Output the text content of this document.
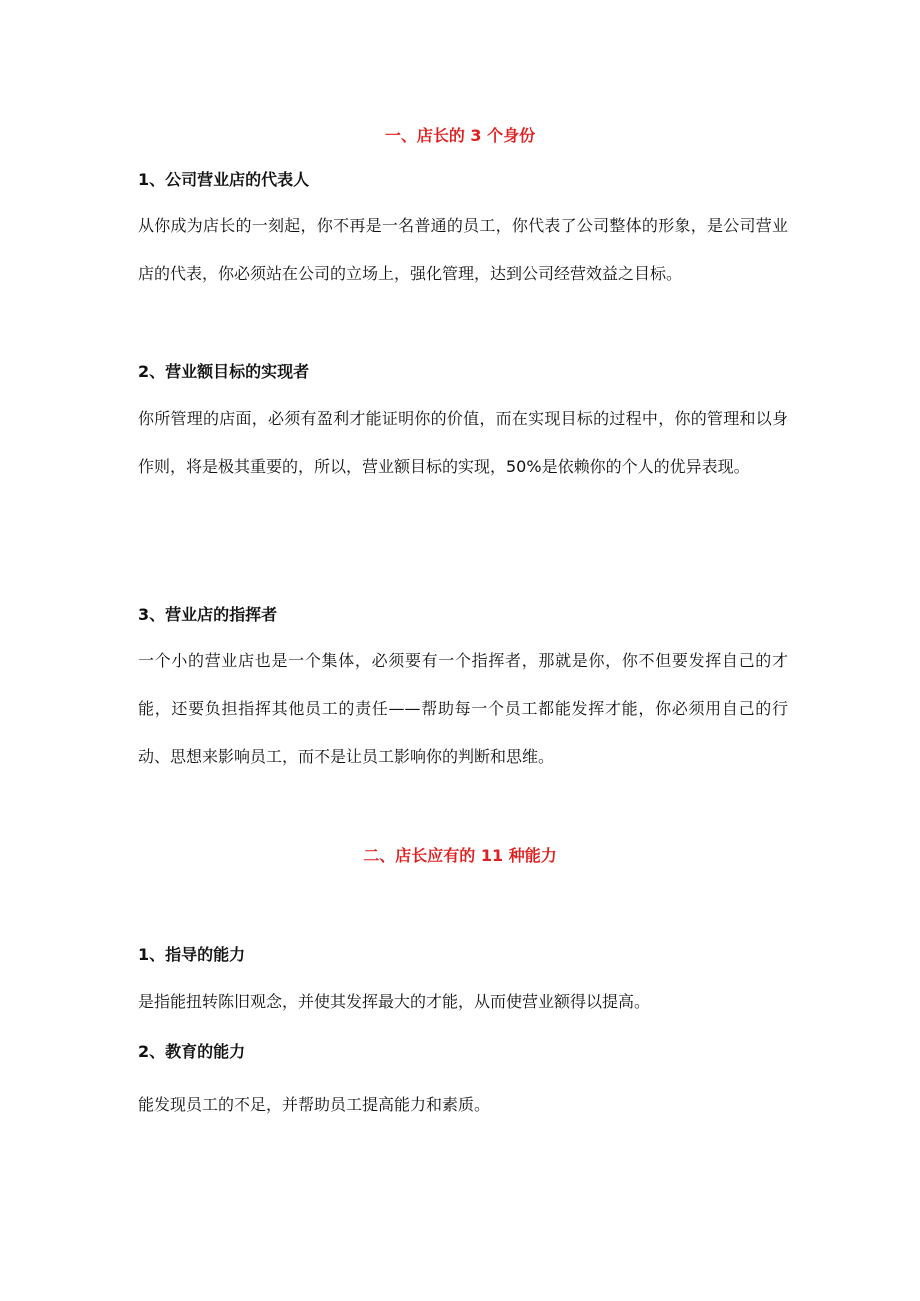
一、店长的 3 个身份
1、公司营业店的代表人

从你成为店长的一刻起，你不再是一名普通的员工，你代表了公司整体的形象，是公司营业店的代表，你必须站在公司的立场上，强化管理，达到公司经营效益之目标。

2、营业额目标的实现者

你所管理的店面，必须有盈利才能证明你的价值，而在实现目标的过程中，你的管理和以身作则，将是极其重要的，所以，营业额目标的实现，50%是依赖你的个人的优异表现。

3、营业店的指挥者

一个小的营业店也是一个集体，必须要有一个指挥者，那就是你，你不但要发挥自己的才能，还要负担指挥其他员工的责任——帮助每一个员工都能发挥才能，你必须用自己的行动、思想来影响员工，而不是让员工影响你的判断和思维。

二、店长应有的 11 种能力
1、指导的能力

是指能扭转陈旧观念，并使其发挥最大的才能，从而使营业额得以提高。

2、教育的能力

能发现员工的不足，并帮助员工提高能力和素质。
